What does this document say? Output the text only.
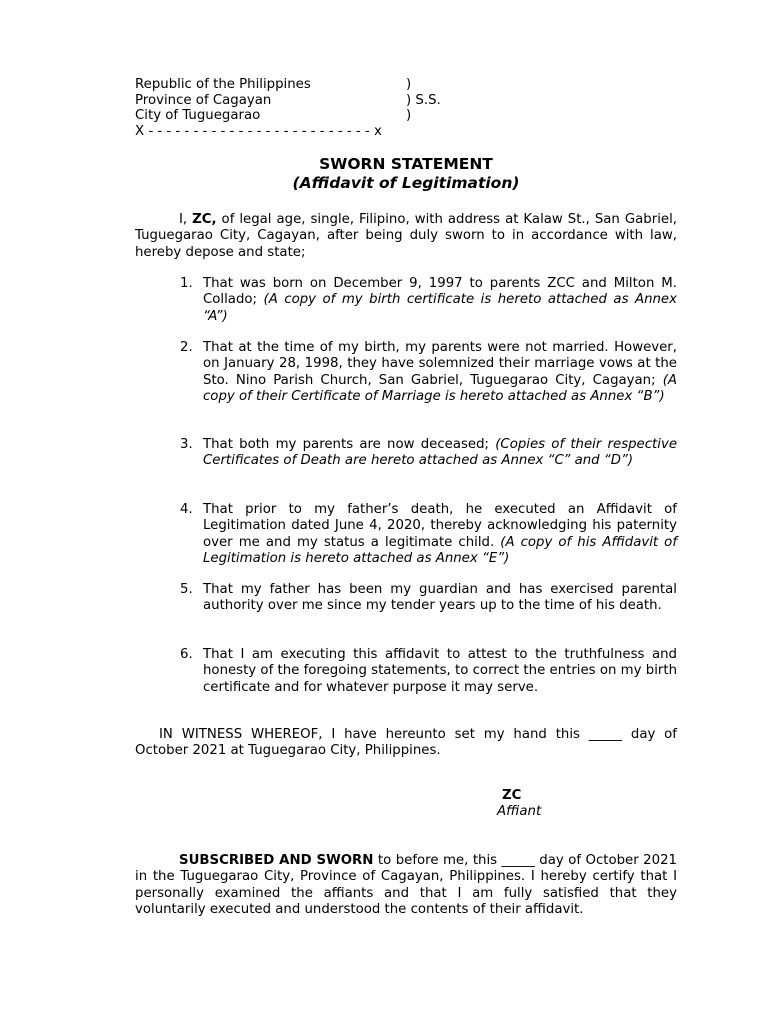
Republic of the Philippines	)
Province of Cagayan	) S.S.
City of Tuguegarao	)
X - - - - - - - - - - - - - - - - - - - - - - - - - x
SWORN STATEMENT
(Affidavit of Legitimation)
I, ZC, of legal age, single, Filipino, with address at Kalaw St., San Gabriel, Tuguegarao City, Cagayan, after being duly sworn to in accordance with law, hereby depose and state;
1. That was born on December 9, 1997 to parents ZCC and Milton M. Collado; (A copy of my birth certificate is hereto attached as Annex “A”)
2. That at the time of my birth, my parents were not married. However, on January 28, 1998, they have solemnized their marriage vows at the Sto. Nino Parish Church, San Gabriel, Tuguegarao City, Cagayan; (A copy of their Certificate of Marriage is hereto attached as Annex “B”)
3. That both my parents are now deceased; (Copies of their respective Certificates of Death are hereto attached as Annex “C” and “D”)
4. That prior to my father’s death, he executed an Affidavit of Legitimation dated June 4, 2020, thereby acknowledging his paternity over me and my status a legitimate child. (A copy of his Affidavit of Legitimation is hereto attached as Annex “E”)
5. That my father has been my guardian and has exercised parental authority over me since my tender years up to the time of his death.
6. That I am executing this affidavit to attest to the truthfulness and honesty of the foregoing statements, to correct the entries on my birth certificate and for whatever purpose it may serve.
IN WITNESS WHEREOF, I have hereunto set my hand this _____ day of October 2021 at Tuguegarao City, Philippines.
ZC
Affiant
SUBSCRIBED AND SWORN to before me, this _____ day of October 2021 in the Tuguegarao City, Province of Cagayan, Philippines. I hereby certify that I personally examined the affiants and that I am fully satisfied that they voluntarily executed and understood the contents of their affidavit.
